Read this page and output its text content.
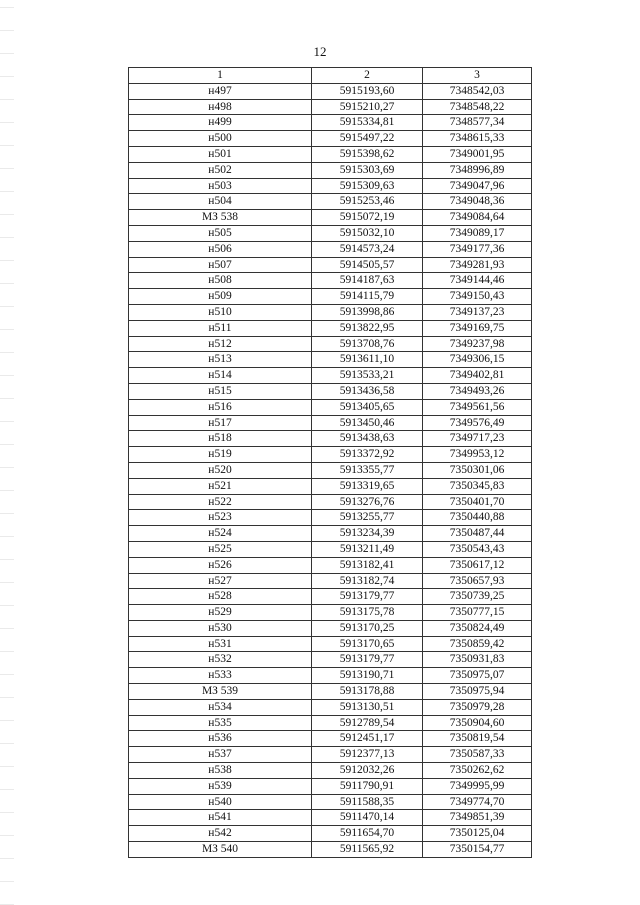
12
1	2	3
н497	5915193,60	7348542,03
н498	5915210,27	7348548,22
н499	5915334,81	7348577,34
н500	5915497,22	7348615,33
н501	5915398,62	7349001,95
н502	5915303,69	7348996,89
н503	5915309,63	7349047,96
н504	5915253,46	7349048,36
МЗ 538	5915072,19	7349084,64
н505	5915032,10	7349089,17
н506	5914573,24	7349177,36
н507	5914505,57	7349281,93
н508	5914187,63	7349144,46
н509	5914115,79	7349150,43
н510	5913998,86	7349137,23
н511	5913822,95	7349169,75
н512	5913708,76	7349237,98
н513	5913611,10	7349306,15
н514	5913533,21	7349402,81
н515	5913436,58	7349493,26
н516	5913405,65	7349561,56
н517	5913450,46	7349576,49
н518	5913438,63	7349717,23
н519	5913372,92	7349953,12
н520	5913355,77	7350301,06
н521	5913319,65	7350345,83
н522	5913276,76	7350401,70
н523	5913255,77	7350440,88
н524	5913234,39	7350487,44
н525	5913211,49	7350543,43
н526	5913182,41	7350617,12
н527	5913182,74	7350657,93
н528	5913179,77	7350739,25
н529	5913175,78	7350777,15
н530	5913170,25	7350824,49
н531	5913170,65	7350859,42
н532	5913179,77	7350931,83
н533	5913190,71	7350975,07
МЗ 539	5913178,88	7350975,94
н534	5913130,51	7350979,28
н535	5912789,54	7350904,60
н536	5912451,17	7350819,54
н537	5912377,13	7350587,33
н538	5912032,26	7350262,62
н539	5911790,91	7349995,99
н540	5911588,35	7349774,70
н541	5911470,14	7349851,39
н542	5911654,70	7350125,04
МЗ 540	5911565,92	7350154,77
